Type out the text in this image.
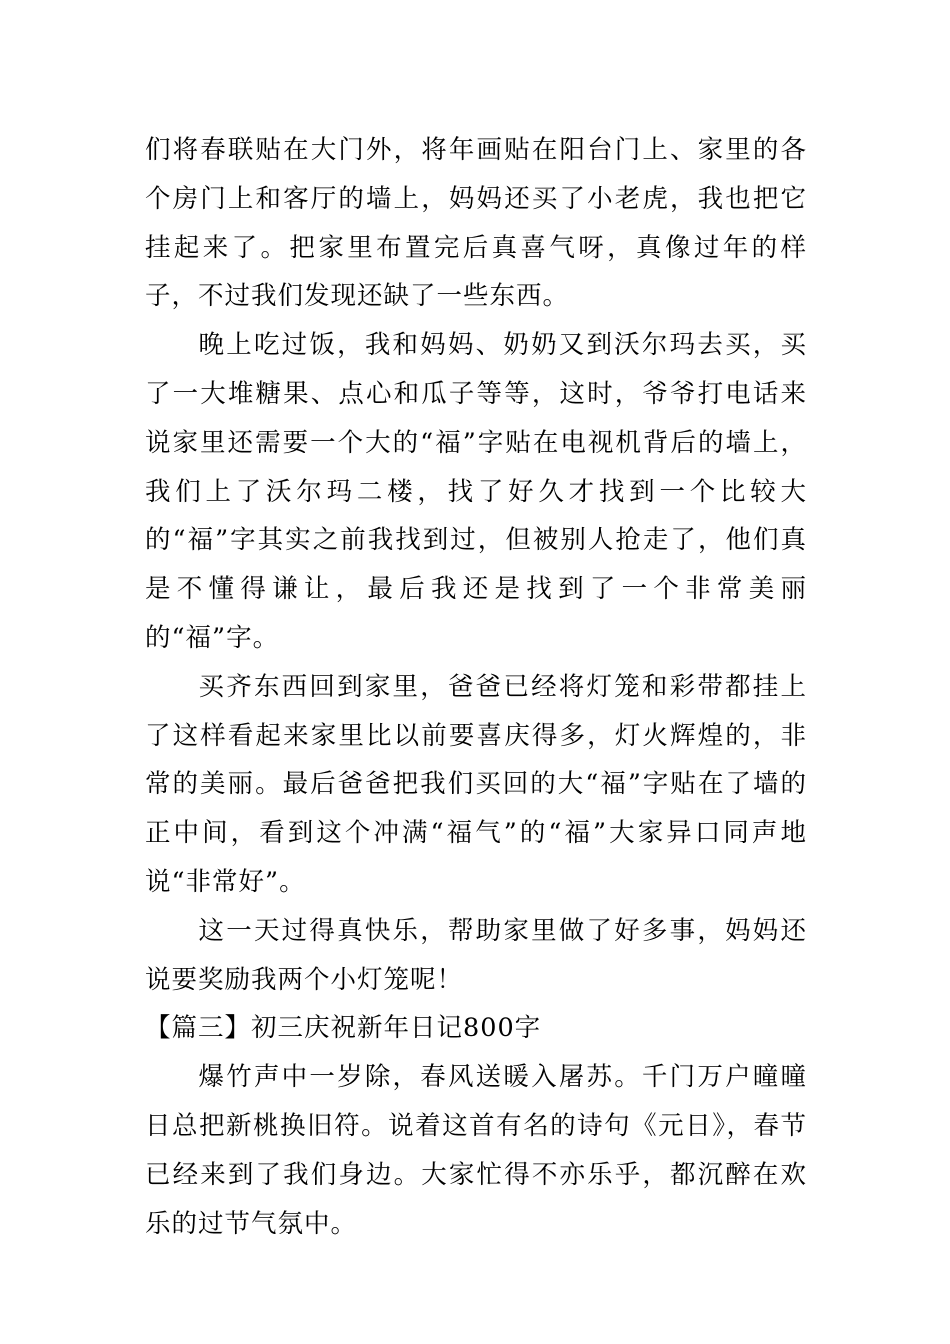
们将春联贴在大门外，将年画贴在阳台门上、家里的各个房门上和客厅的墙上，妈妈还买了小老虎，我也把它挂起来了。把家里布置完后真喜气呀，真像过年的样子，不过我们发现还缺了一些东西。

晚上吃过饭，我和妈妈、奶奶又到沃尔玛去买，买了一大堆糖果、点心和瓜子等等，这时，爷爷打电话来说家里还需要一个大的“福”字贴在电视机背后的墙上，我们上了沃尔玛二楼，找了好久才找到一个比较大的“福”字其实之前我找到过，但被别人抢走了，他们真是不懂得谦让，最后我还是找到了一个非常美丽的“福”字。

买齐东西回到家里，爸爸已经将灯笼和彩带都挂上了这样看起来家里比以前要喜庆得多，灯火辉煌的，非常的美丽。最后爸爸把我们买回的大“福”字贴在了墙的正中间，看到这个冲满“福气”的“福”大家异口同声地说“非常好”。

这一天过得真快乐，帮助家里做了好多事，妈妈还说要奖励我两个小灯笼呢！

【篇三】初三庆祝新年日记800字

爆竹声中一岁除，春风送暖入屠苏。千门万户曈曈日总把新桃换旧符。说着这首有名的诗句《元日》，春节已经来到了我们身边。大家忙得不亦乐乎，都沉醉在欢乐的过节气氛中。
